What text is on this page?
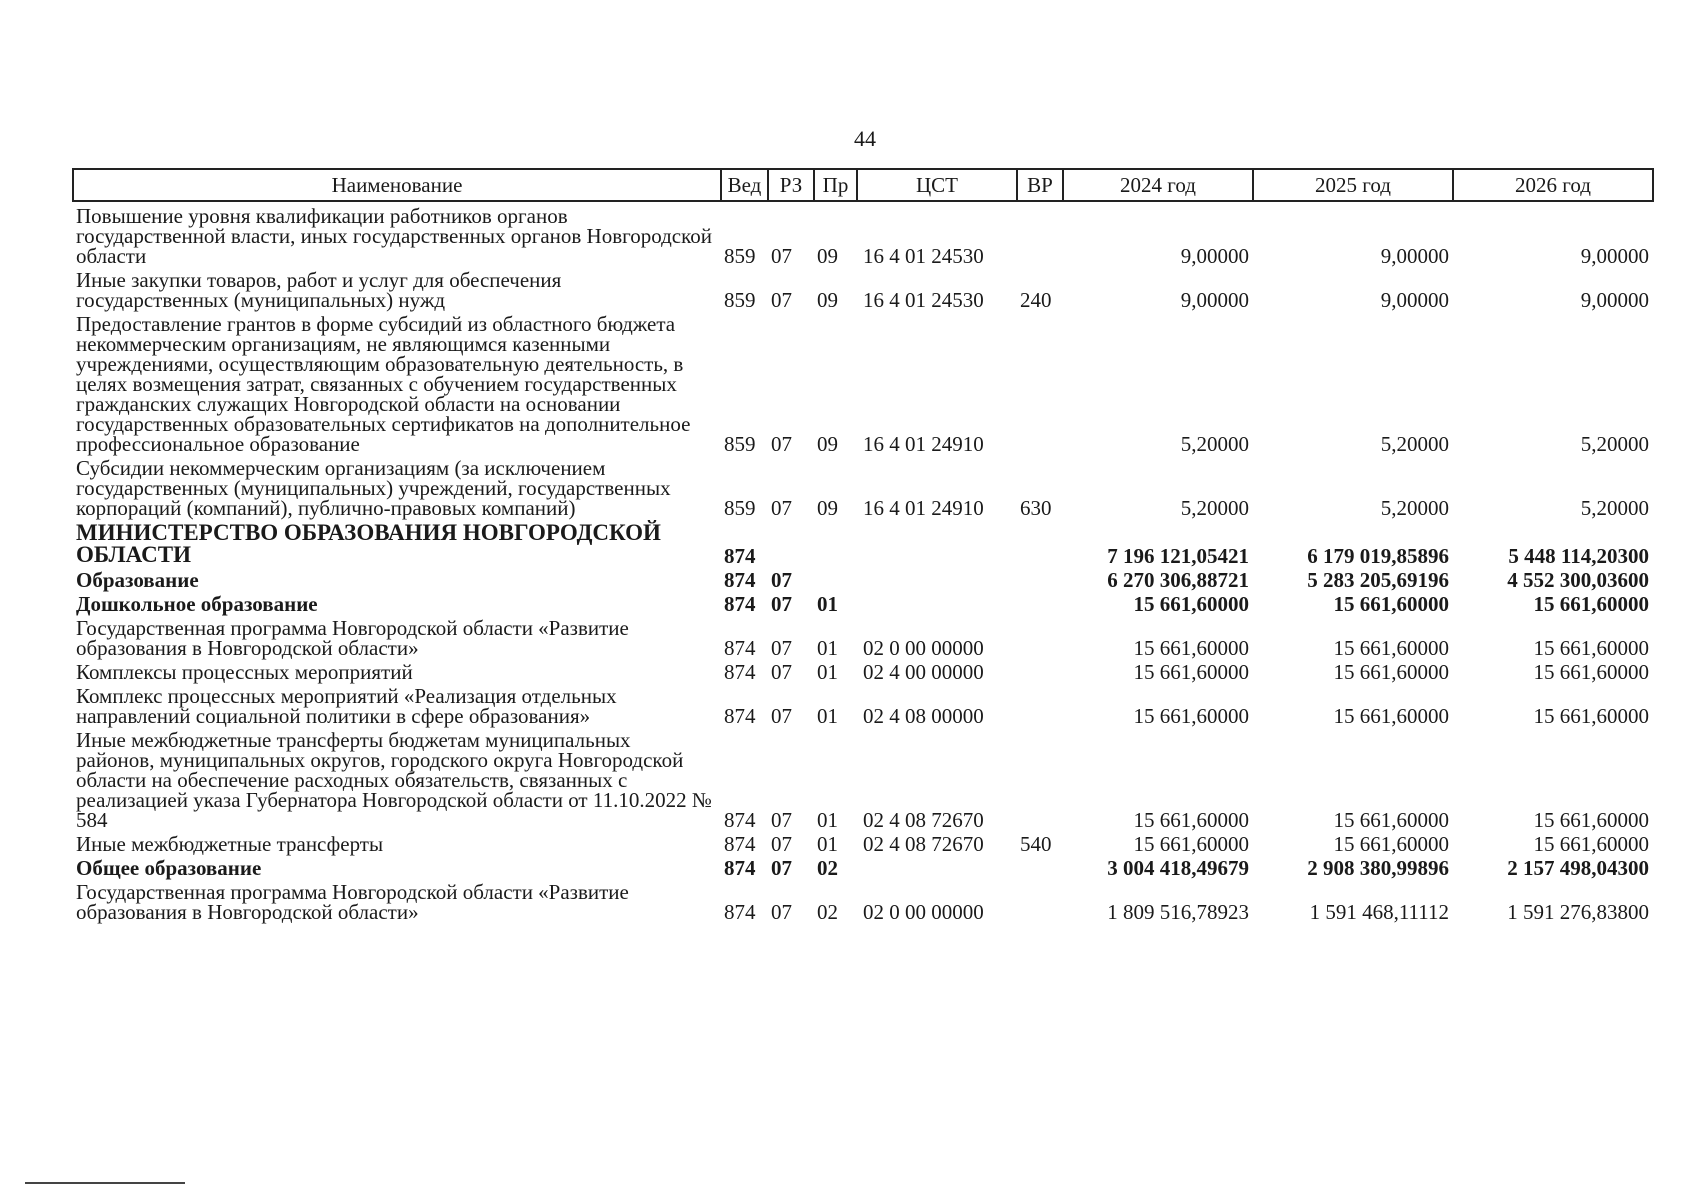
44
Наименование	Вед	РЗ	Пр	ЦСТ	ВР	2024 год	2025 год	2026 год
Повышение уровня квалификации работников органов государственной власти, иных государственных органов Новгородской области	859	07	09	16 4 01 24530		9,00000	9,00000	9,00000
Иные закупки товаров, работ и услуг для обеспечения государственных (муниципальных) нужд	859	07	09	16 4 01 24530	240	9,00000	9,00000	9,00000
Предоставление грантов в форме субсидий из областного бюджета некоммерческим организациям, не являющимся казенными учреждениями, осуществляющим образовательную деятельность, в целях возмещения затрат, связанных с обучением государственных гражданских служащих Новгородской области на основании государственных образовательных сертификатов на дополнительное профессиональное образование	859	07	09	16 4 01 24910		5,20000	5,20000	5,20000
Субсидии некоммерческим организациям (за исключением государственных (муниципальных) учреждений, государственных корпораций (компаний), публично-правовых компаний)	859	07	09	16 4 01 24910	630	5,20000	5,20000	5,20000
МИНИСТЕРСТВО ОБРАЗОВАНИЯ НОВГОРОДСКОЙ ОБЛАСТИ	874					7 196 121,05421	6 179 019,85896	5 448 114,20300
Образование	874	07				6 270 306,88721	5 283 205,69196	4 552 300,03600
Дошкольное образование	874	07	01			15 661,60000	15 661,60000	15 661,60000
Государственная программа Новгородской области «Развитие образования в Новгородской области»	874	07	01	02 0 00 00000		15 661,60000	15 661,60000	15 661,60000
Комплексы процессных мероприятий	874	07	01	02 4 00 00000		15 661,60000	15 661,60000	15 661,60000
Комплекс процессных мероприятий «Реализация отдельных направлений социальной политики в сфере образования»	874	07	01	02 4 08 00000		15 661,60000	15 661,60000	15 661,60000
Иные межбюджетные трансферты бюджетам муниципальных районов, муниципальных округов, городского округа Новгородской области на обеспечение расходных обязательств, связанных с реализацией указа Губернатора Новгородской области от 11.10.2022 № 584	874	07	01	02 4 08 72670		15 661,60000	15 661,60000	15 661,60000
Иные межбюджетные трансферты	874	07	01	02 4 08 72670	540	15 661,60000	15 661,60000	15 661,60000
Общее образование	874	07	02			3 004 418,49679	2 908 380,99896	2 157 498,04300
Государственная программа Новгородской области «Развитие образования в Новгородской области»	874	07	02	02 0 00 00000		1 809 516,78923	1 591 468,11112	1 591 276,83800
